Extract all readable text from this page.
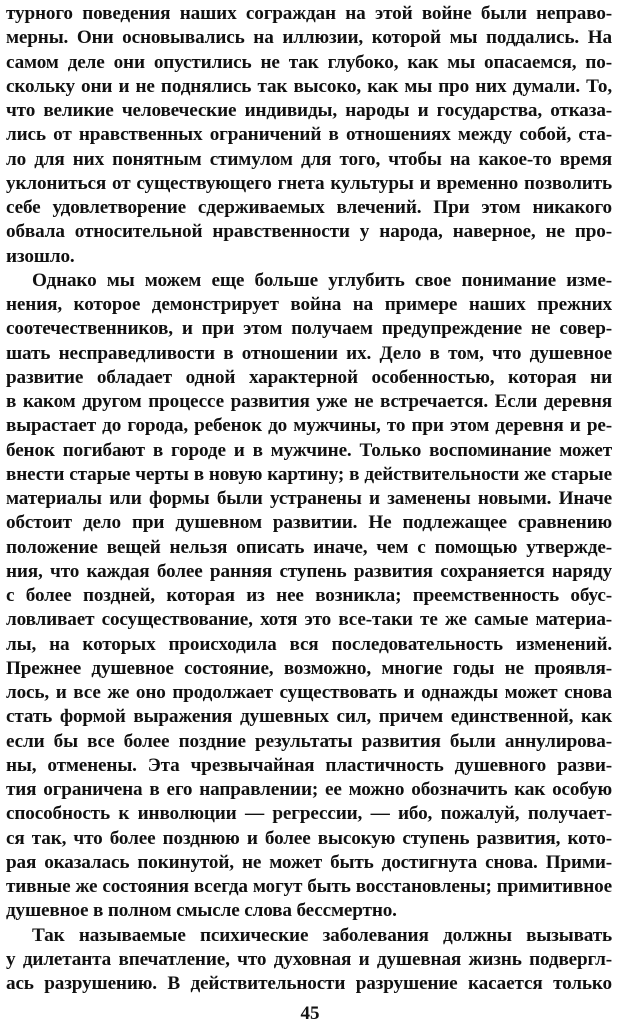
турного поведения наших сограждан на этой войне были неправо-
мерны. Они основывались на иллюзии, которой мы поддались. На
самом деле они опустились не так глубоко, как мы опасаемся, по-
скольку они и не поднялись так высоко, как мы про них думали. То,
что великие человеческие индивиды, народы и государства, отказа-
лись от нравственных ограничений в отношениях между собой, ста-
ло для них понятным стимулом для того, чтобы на какое-то время
уклониться от существующего гнета культуры и временно позволить
себе удовлетворение сдерживаемых влечений. При этом никакого
обвала относительной нравственности у народа, наверное, не про-
изошло.
Однако мы можем еще больше углубить свое понимание изме-
нения, которое демонстрирует война на примере наших прежних
соотечественников, и при этом получаем предупреждение не совер-
шать несправедливости в отношении их. Дело в том, что душевное
развитие обладает одной характерной особенностью, которая ни
в каком другом процессе развития уже не встречается. Если деревня
вырастает до города, ребенок до мужчины, то при этом деревня и ре-
бенок погибают в городе и в мужчине. Только воспоминание может
внести старые черты в новую картину; в действительности же старые
материалы или формы были устранены и заменены новыми. Иначе
обстоит дело при душевном развитии. Не подлежащее сравнению
положение вещей нельзя описать иначе, чем с помощью утвержде-
ния, что каждая более ранняя ступень развития сохраняется наряду
с более поздней, которая из нее возникла; преемственность обус-
ловливает сосуществование, хотя это все-таки те же самые материа-
лы, на которых происходила вся последовательность изменений.
Прежнее душевное состояние, возможно, многие годы не проявля-
лось, и все же оно продолжает существовать и однажды может снова
стать формой выражения душевных сил, причем единственной, как
если бы все более поздние результаты развития были аннулирова-
ны, отменены. Эта чрезвычайная пластичность душевного разви-
тия ограничена в его направлении; ее можно обозначить как особую
способность к инволюции — регрессии, — ибо, пожалуй, получает-
ся так, что более позднюю и более высокую ступень развития, кото-
рая оказалась покинутой, не может быть достигнута снова. Прими-
тивные же состояния всегда могут быть восстановлены; примитивное
душевное в полном смысле слова бессмертно.
Так называемые психические заболевания должны вызывать
у дилетанта впечатление, что духовная и душевная жизнь подвергл-
ась разрушению. В действительности разрушение касается только
45
